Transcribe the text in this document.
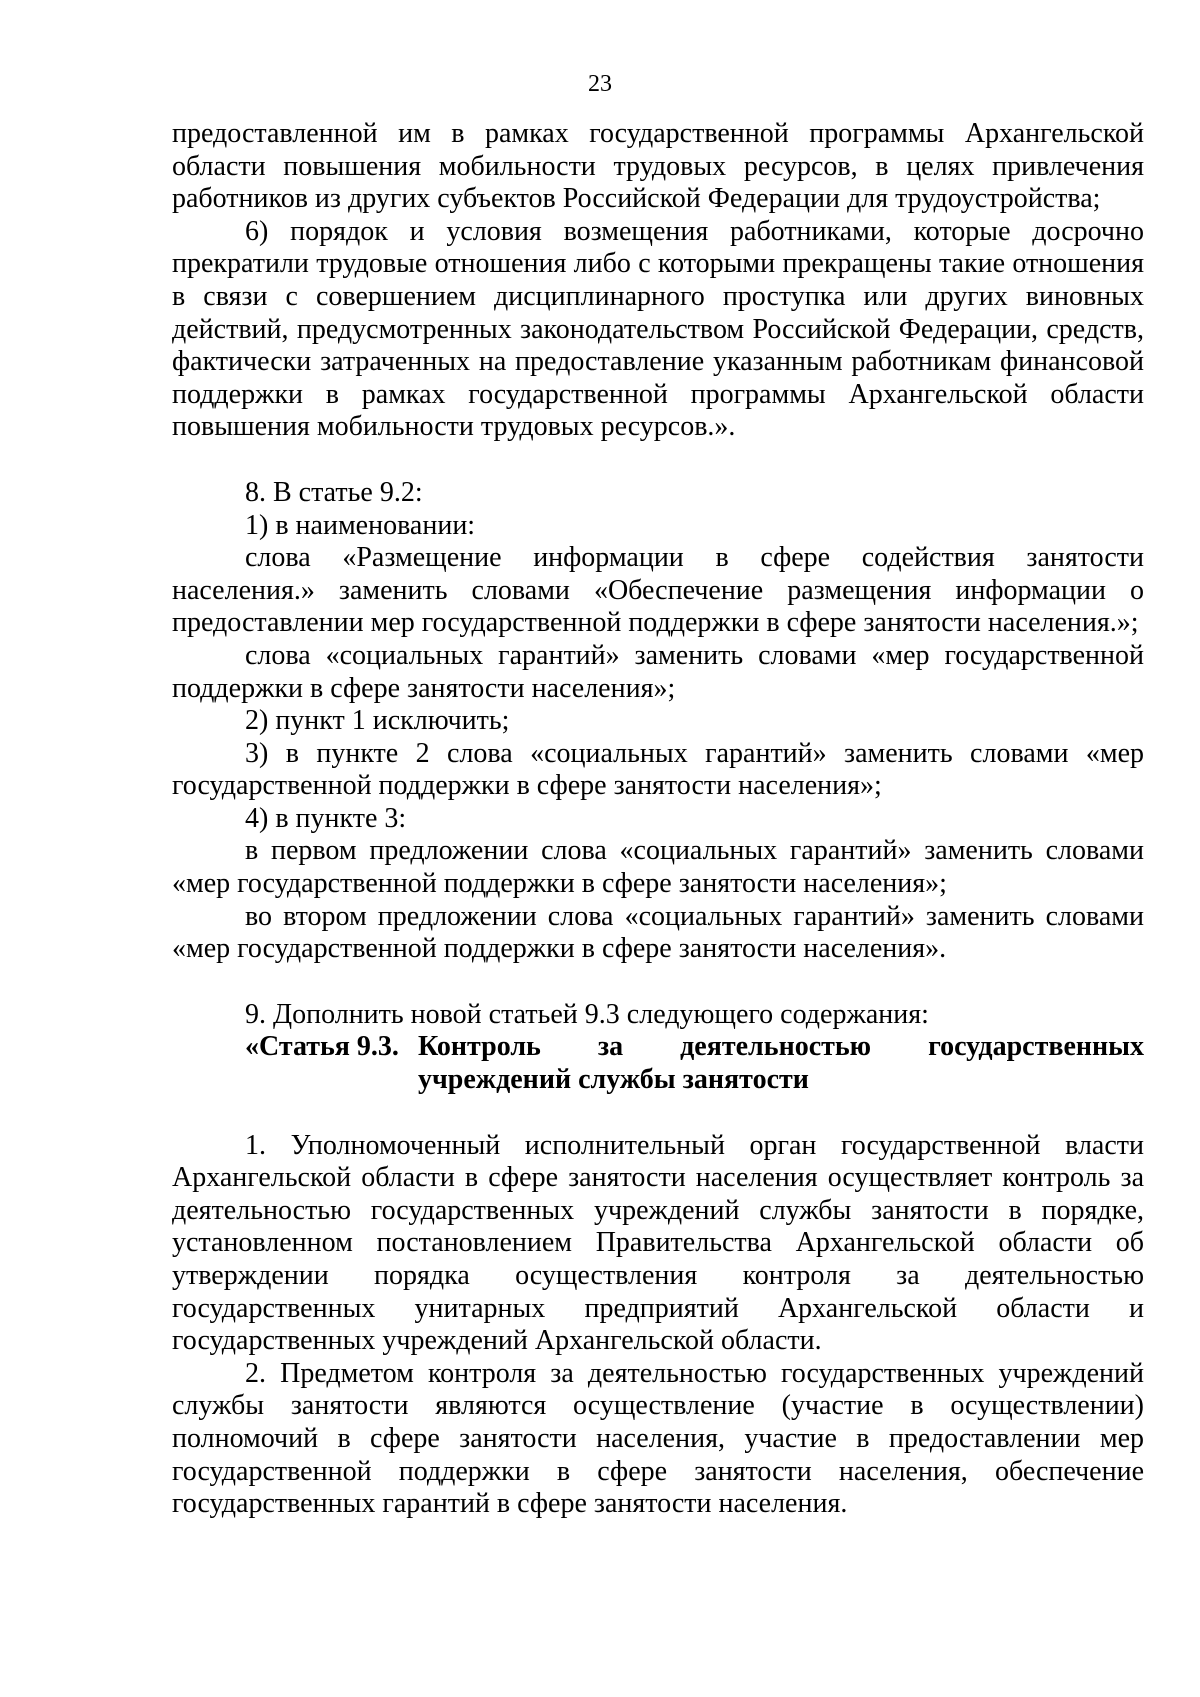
23

предоставленной им в рамках государственной программы Архангельской области повышения мобильности трудовых ресурсов, в целях привлечения работников из других субъектов Российской Федерации для трудоустройства;

6) порядок и условия возмещения работниками, которые досрочно прекратили трудовые отношения либо с которыми прекращены такие отношения в связи с совершением дисциплинарного проступка или других виновных действий, предусмотренных законодательством Российской Федерации, средств, фактически затраченных на предоставление указанным работникам финансовой поддержки в рамках государственной программы Архангельской области повышения мобильности трудовых ресурсов.».

8. В статье 9.2:

1) в наименовании:

слова «Размещение информации в сфере содействия занятости населения.» заменить словами «Обеспечение размещения информации о предоставлении мер государственной поддержки в сфере занятости населения.»;

слова «социальных гарантий» заменить словами «мер государственной поддержки в сфере занятости населения»;

2) пункт 1 исключить;

3) в пункте 2 слова «социальных гарантий» заменить словами «мер государственной поддержки в сфере занятости населения»;

4) в пункте 3:

в первом предложении слова «социальных гарантий» заменить словами «мер государственной поддержки в сфере занятости населения»;

во втором предложении слова «социальных гарантий» заменить словами «мер государственной поддержки в сфере занятости населения».

9. Дополнить новой статьей 9.3 следующего содержания:

«Статья 9.3. Контроль за деятельностью государственных
учреждений службы занятости

1. Уполномоченный исполнительный орган государственной власти Архангельской области в сфере занятости населения осуществляет контроль за деятельностью государственных учреждений службы занятости в порядке, установленном постановлением Правительства Архангельской области об утверждении порядка осуществления контроля за деятельностью государственных унитарных предприятий Архангельской области и государственных учреждений Архангельской области.

2. Предметом контроля за деятельностью государственных учреждений службы занятости являются осуществление (участие в осуществлении) полномочий в сфере занятости населения, участие в предоставлении мер государственной поддержки в сфере занятости населения, обеспечение государственных гарантий в сфере занятости населения.
